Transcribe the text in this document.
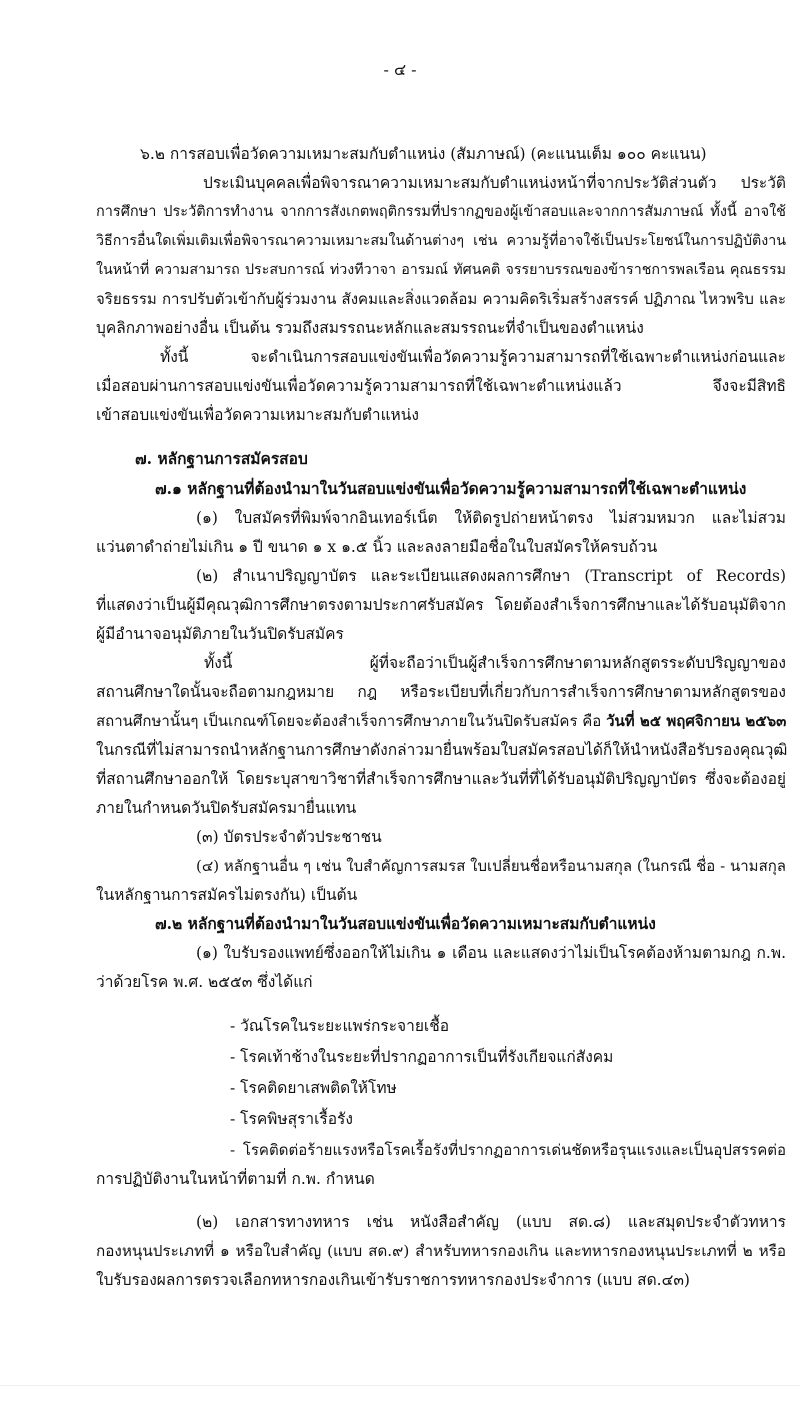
- ๔ -
๖.๒ การสอบเพื่อวัดความเหมาะสมกับตำแหน่ง (สัมภาษณ์) (คะแนนเต็ม ๑๐๐ คะแนน)
ประเมินบุคคลเพื่อพิจารณาความเหมาะสมกับตำแหน่งหน้าที่จากประวัติส่วนตัว ประวัติ
การศึกษา ประวัติการทำงาน จากการสังเกตพฤติกรรมที่ปรากฏของผู้เข้าสอบและจากการสัมภาษณ์ ทั้งนี้ อาจใช้
วิธีการอื่นใดเพิ่มเติมเพื่อพิจารณาความเหมาะสมในด้านต่างๆ เช่น ความรู้ที่อาจใช้เป็นประโยชน์ในการปฏิบัติงาน
ในหน้าที่ ความสามารถ ประสบการณ์ ท่วงทีวาจา อารมณ์ ทัศนคติ จรรยาบรรณของข้าราชการพลเรือน คุณธรรม
จริยธรรม การปรับตัวเข้ากับผู้ร่วมงาน สังคมและสิ่งแวดล้อม ความคิดริเริ่มสร้างสรรค์ ปฏิภาณ ไหวพริบ และ
บุคลิกภาพอย่างอื่น เป็นต้น รวมถึงสมรรถนะหลักและสมรรถนะที่จำเป็นของตำแหน่ง
ทั้งนี้ จะดำเนินการสอบแข่งขันเพื่อวัดความรู้ความสามารถที่ใช้เฉพาะตำแหน่งก่อนและ
เมื่อสอบผ่านการสอบแข่งขันเพื่อวัดความรู้ความสามารถที่ใช้เฉพาะตำแหน่งแล้ว จึงจะมีสิทธิ
เข้าสอบแข่งขันเพื่อวัดความเหมาะสมกับตำแหน่ง
๗. หลักฐานการสมัครสอบ
๗.๑ หลักฐานที่ต้องนำมาในวันสอบแข่งขันเพื่อวัดความรู้ความสามารถที่ใช้เฉพาะตำแหน่ง
(๑) ใบสมัครที่พิมพ์จากอินเทอร์เน็ต ให้ติดรูปถ่ายหน้าตรง ไม่สวมหมวก และไม่สวม
แว่นตาดำถ่ายไม่เกิน ๑ ปี ขนาด ๑ x ๑.๕ นิ้ว และลงลายมือชื่อในใบสมัครให้ครบถ้วน
(๒) สำเนาปริญญาบัตร และระเบียนแสดงผลการศึกษา (Transcript of Records)
ที่แสดงว่าเป็นผู้มีคุณวุฒิการศึกษาตรงตามประกาศรับสมัคร โดยต้องสำเร็จการศึกษาและได้รับอนุมัติจาก
ผู้มีอำนาจอนุมัติภายในวันปิดรับสมัคร
ทั้งนี้ ผู้ที่จะถือว่าเป็นผู้สำเร็จการศึกษาตามหลักสูตรระดับปริญญาของ
สถานศึกษาใดนั้นจะถือตามกฎหมาย กฎ หรือระเบียบที่เกี่ยวกับการสำเร็จการศึกษาตามหลักสูตรของ
สถานศึกษานั้นๆ เป็นเกณฑ์โดยจะต้องสำเร็จการศึกษาภายในวันปิดรับสมัคร คือ วันที่ ๒๕ พฤศจิกายน ๒๕๖๓
ในกรณีที่ไม่สามารถนำหลักฐานการศึกษาดังกล่าวมายื่นพร้อมใบสมัครสอบได้ก็ให้นำหนังสือรับรองคุณวุฒิ
ที่สถานศึกษาออกให้ โดยระบุสาขาวิชาที่สำเร็จการศึกษาและวันที่ที่ได้รับอนุมัติปริญญาบัตร ซึ่งจะต้องอยู่
ภายในกำหนดวันปิดรับสมัครมายื่นแทน
(๓) บัตรประจำตัวประชาชน
(๔) หลักฐานอื่น ๆ เช่น ใบสำคัญการสมรส ใบเปลี่ยนชื่อหรือนามสกุล (ในกรณี ชื่อ - นามสกุล
ในหลักฐานการสมัครไม่ตรงกัน) เป็นต้น
๗.๒ หลักฐานที่ต้องนำมาในวันสอบแข่งขันเพื่อวัดความเหมาะสมกับตำแหน่ง
(๑) ใบรับรองแพทย์ซึ่งออกให้ไม่เกิน ๑ เดือน และแสดงว่าไม่เป็นโรคต้องห้ามตามกฎ ก.พ.
ว่าด้วยโรค พ.ศ. ๒๕๕๓ ซึ่งได้แก่
- วัณโรคในระยะแพร่กระจายเชื้อ
- โรคเท้าช้างในระยะที่ปรากฏอาการเป็นที่รังเกียจแก่สังคม
- โรคติดยาเสพติดให้โทษ
- โรคพิษสุราเรื้อรัง
- โรคติดต่อร้ายแรงหรือโรคเรื้อรังที่ปรากฏอาการเด่นชัดหรือรุนแรงและเป็นอุปสรรคต่อ
การปฏิบัติงานในหน้าที่ตามที่ ก.พ. กำหนด
(๒) เอกสารทางทหาร เช่น หนังสือสำคัญ (แบบ สด.๘) และสมุดประจำตัวทหาร
กองหนุนประเภทที่ ๑ หรือใบสำคัญ (แบบ สด.๙) สำหรับทหารกองเกิน และทหารกองหนุนประเภทที่ ๒ หรือ
ใบรับรองผลการตรวจเลือกทหารกองเกินเข้ารับราชการทหารกองประจำการ (แบบ สด.๔๓)
